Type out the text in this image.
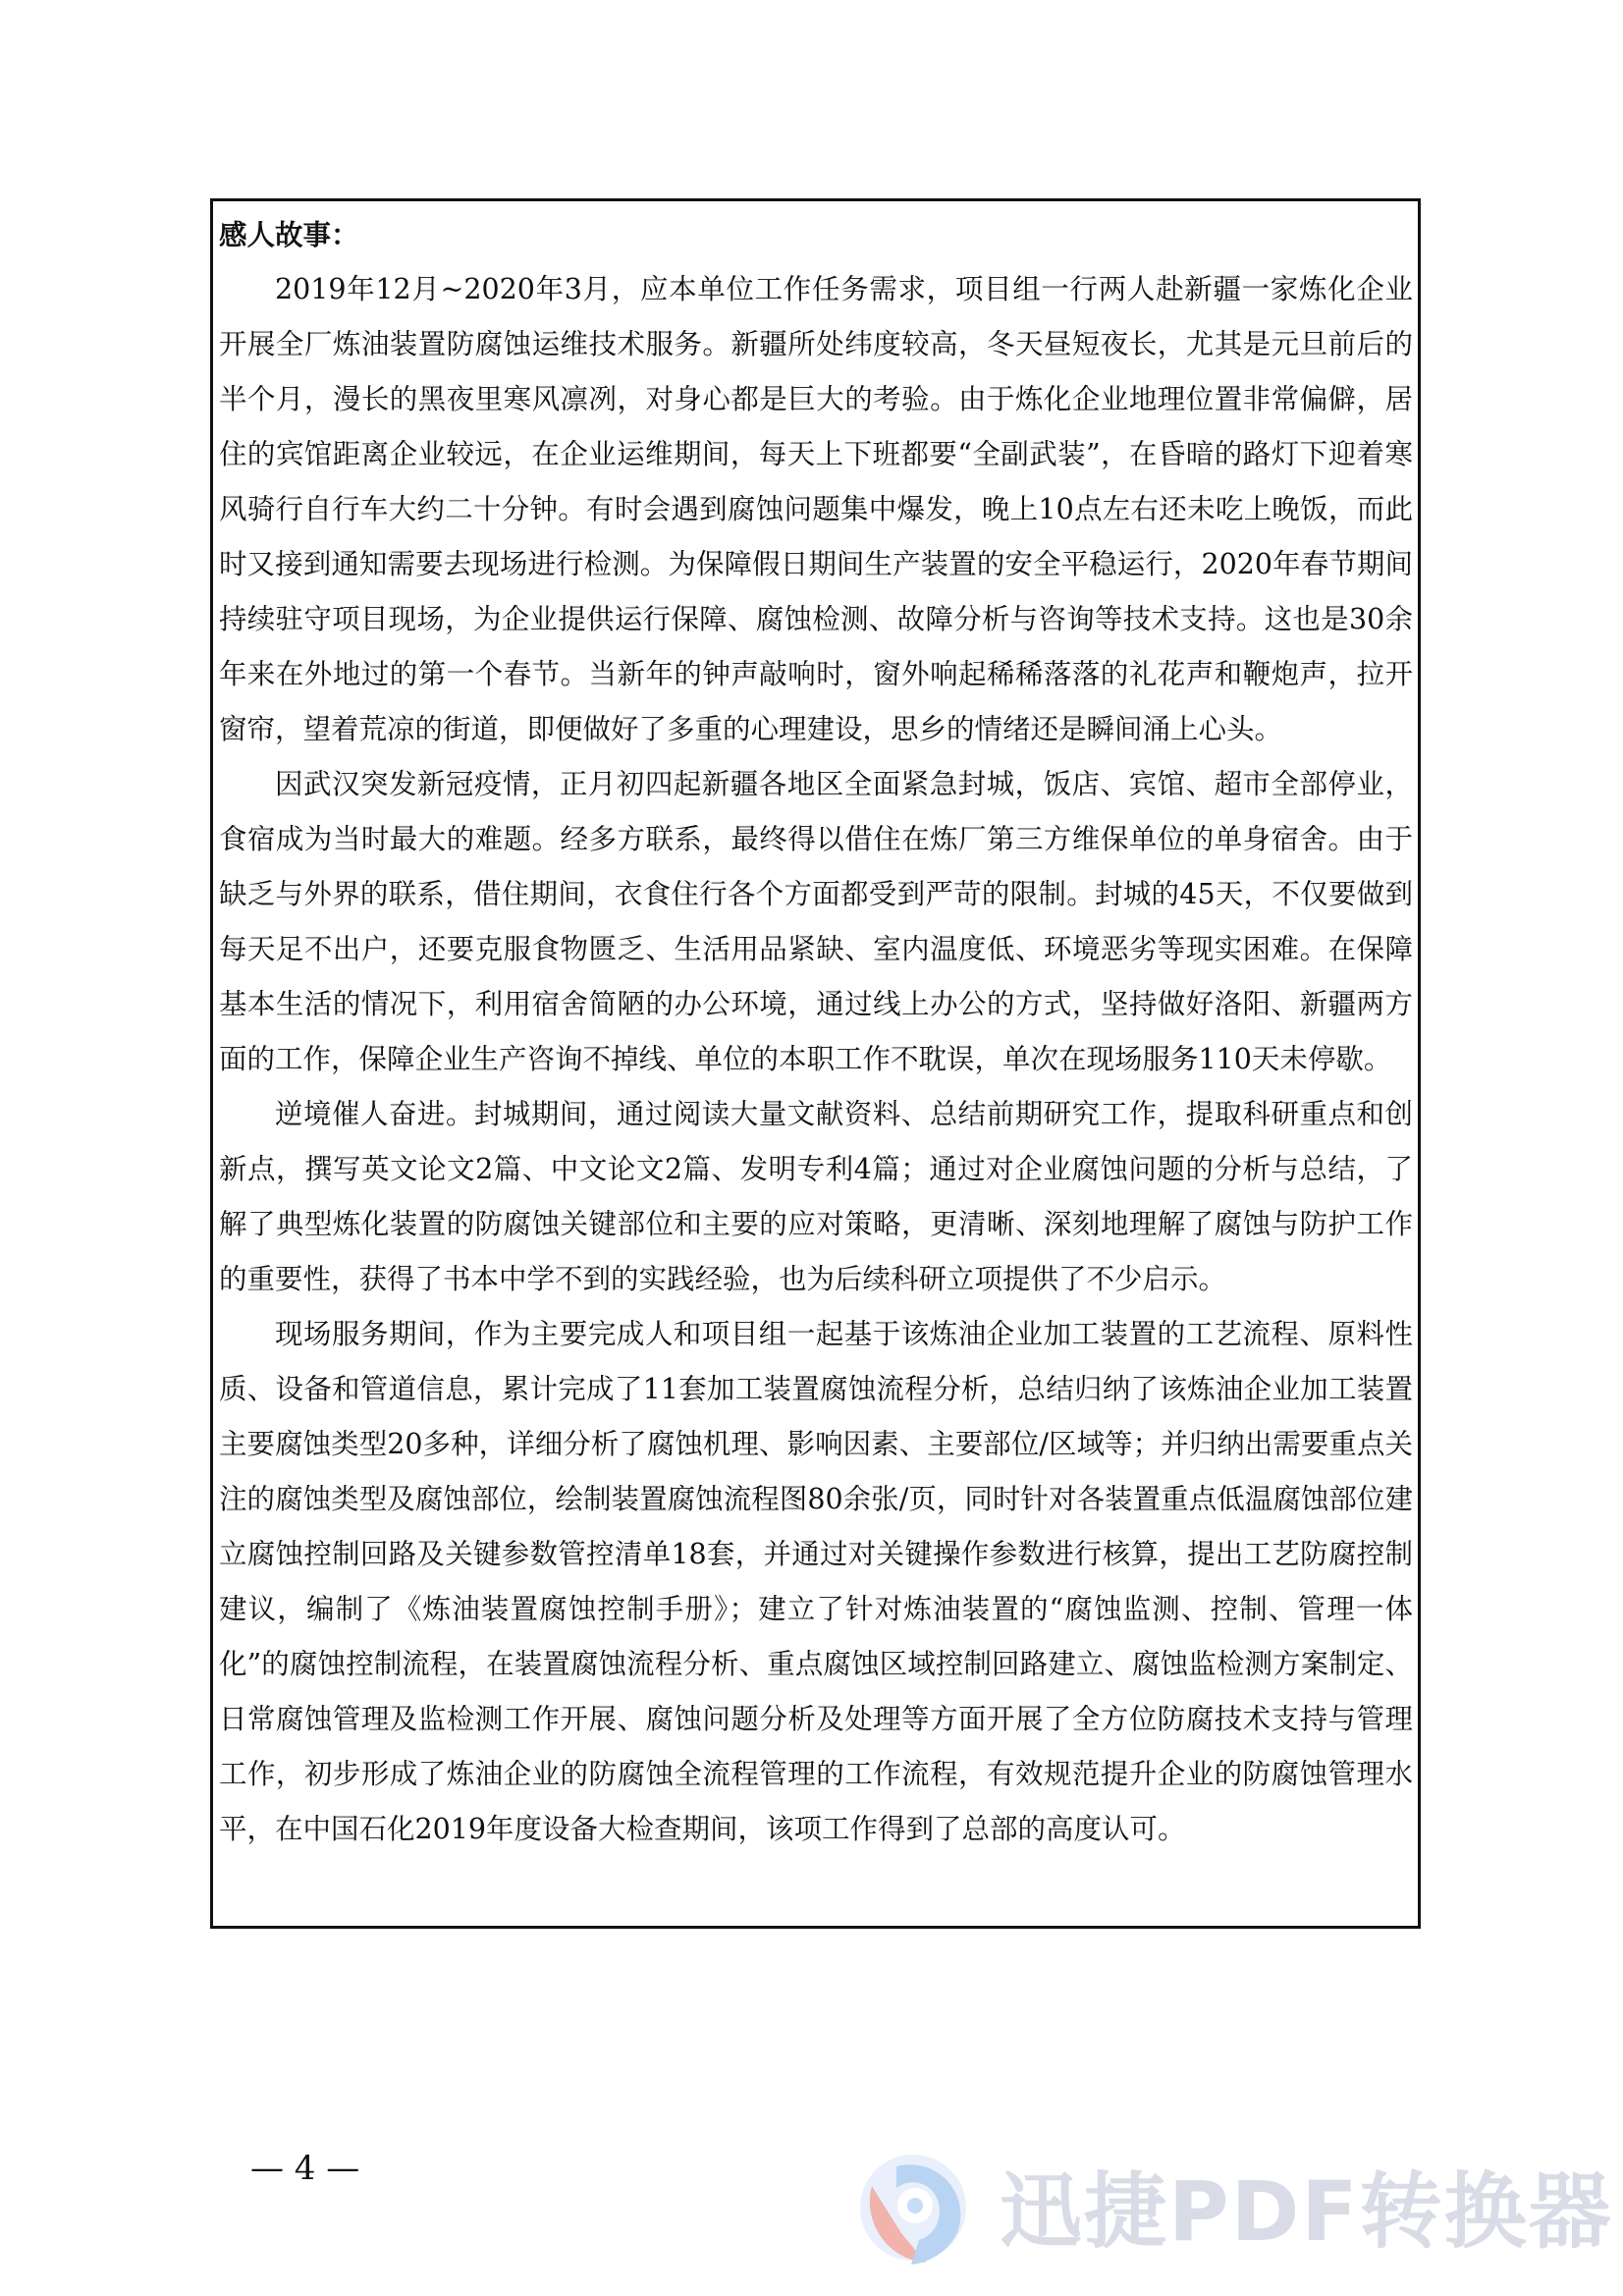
感人故事：

2019年12月~2020年3月，应本单位工作任务需求，项目组一行两人赴新疆一家炼化企业开展全厂炼油装置防腐蚀运维技术服务。新疆所处纬度较高，冬天昼短夜长，尤其是元旦前后的半个月，漫长的黑夜里寒风凛冽，对身心都是巨大的考验。由于炼化企业地理位置非常偏僻，居住的宾馆距离企业较远，在企业运维期间，每天上下班都要“全副武装”，在昏暗的路灯下迎着寒风骑行自行车大约二十分钟。有时会遇到腐蚀问题集中爆发，晚上10点左右还未吃上晚饭，而此时又接到通知需要去现场进行检测。为保障假日期间生产装置的安全平稳运行，2020年春节期间持续驻守项目现场，为企业提供运行保障、腐蚀检测、故障分析与咨询等技术支持。这也是30余年来在外地过的第一个春节。当新年的钟声敲响时，窗外响起稀稀落落的礼花声和鞭炮声，拉开窗帘，望着荒凉的街道，即便做好了多重的心理建设，思乡的情绪还是瞬间涌上心头。

因武汉突发新冠疫情，正月初四起新疆各地区全面紧急封城，饭店、宾馆、超市全部停业，食宿成为当时最大的难题。经多方联系，最终得以借住在炼厂第三方维保单位的单身宿舍。由于缺乏与外界的联系，借住期间，衣食住行各个方面都受到严苛的限制。封城的45天，不仅要做到每天足不出户，还要克服食物匮乏、生活用品紧缺、室内温度低、环境恶劣等现实困难。在保障基本生活的情况下，利用宿舍简陋的办公环境，通过线上办公的方式，坚持做好洛阳、新疆两方面的工作，保障企业生产咨询不掉线、单位的本职工作不耽误，单次在现场服务110天未停歇。

逆境催人奋进。封城期间，通过阅读大量文献资料、总结前期研究工作，提取科研重点和创新点，撰写英文论文2篇、中文论文2篇、发明专利4篇；通过对企业腐蚀问题的分析与总结，了解了典型炼化装置的防腐蚀关键部位和主要的应对策略，更清晰、深刻地理解了腐蚀与防护工作的重要性，获得了书本中学不到的实践经验，也为后续科研立项提供了不少启示。

现场服务期间，作为主要完成人和项目组一起基于该炼油企业加工装置的工艺流程、原料性质、设备和管道信息，累计完成了11套加工装置腐蚀流程分析，总结归纳了该炼油企业加工装置主要腐蚀类型20多种，详细分析了腐蚀机理、影响因素、主要部位/区域等；并归纳出需要重点关注的腐蚀类型及腐蚀部位，绘制装置腐蚀流程图80余张/页，同时针对各装置重点低温腐蚀部位建立腐蚀控制回路及关键参数管控清单18套，并通过对关键操作参数进行核算，提出工艺防腐控制建议，编制了《炼油装置腐蚀控制手册》；建立了针对炼油装置的“腐蚀监测、控制、管理一体化”的腐蚀控制流程，在装置腐蚀流程分析、重点腐蚀区域控制回路建立、腐蚀监检测方案制定、日常腐蚀管理及监检测工作开展、腐蚀问题分析及处理等方面开展了全方位防腐技术支持与管理工作，初步形成了炼油企业的防腐蚀全流程管理的工作流程，有效规范提升企业的防腐蚀管理水平，在中国石化2019年度设备大检查期间，该项工作得到了总部的高度认可。

— 4 —	迅捷PDF转换器
